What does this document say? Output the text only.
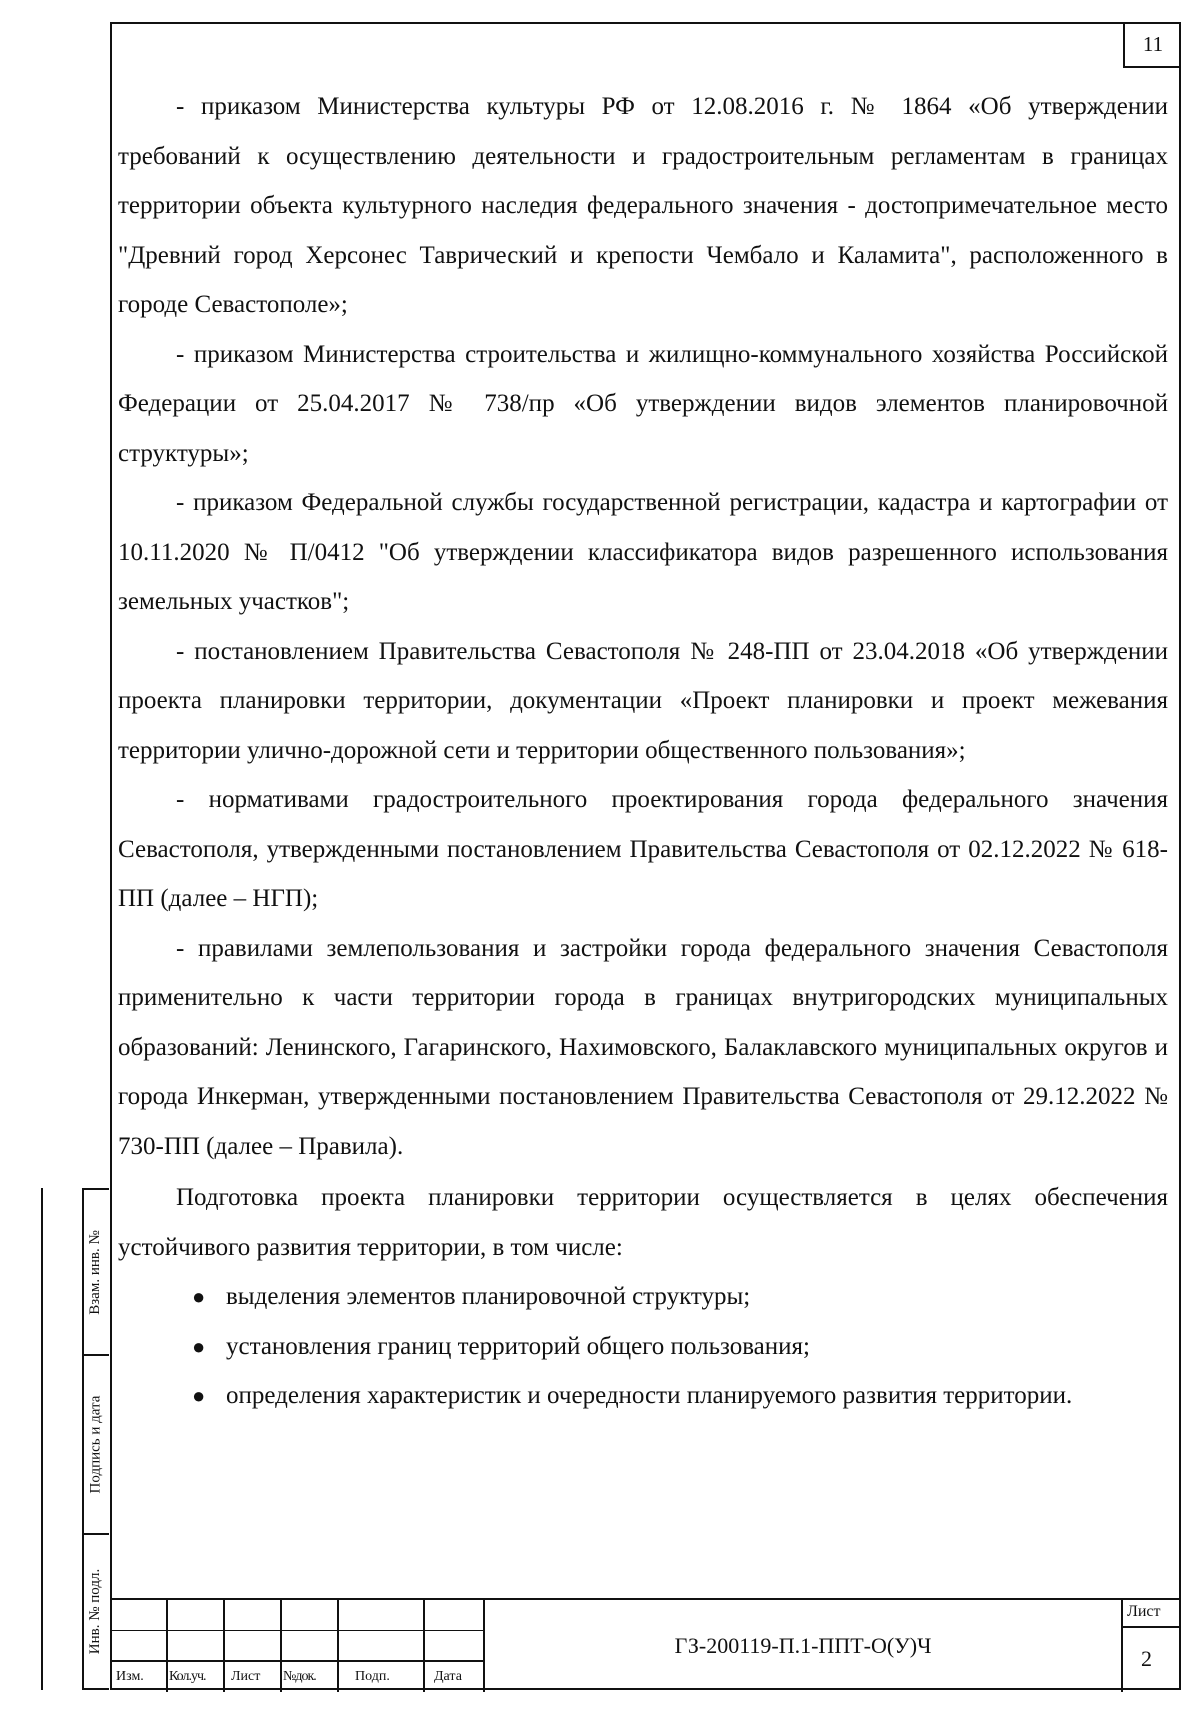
11
Взам. инв. №
Подпись и дата
Инв. № подл.

- приказом Министерства культуры РФ от 12.08.2016 г. № 1864 «Об утверждении требований к осуществлению деятельности и градостроительным регламентам в границах территории объекта культурного наследия федерального значения - достопримечательное место "Древний город Херсонес Таврический и крепости Чембало и Каламита", расположенного в городе Севастополе»;

- приказом Министерства строительства и жилищно-коммунального хозяйства Российской Федерации от 25.04.2017 № 738/пр «Об утверждении видов элементов планировочной структуры»;

- приказом Федеральной службы государственной регистрации, кадастра и картографии от 10.11.2020 № П/0412 "Об утверждении классификатора видов разрешенного использования земельных участков";

- постановлением Правительства Севастополя № 248-ПП от 23.04.2018 «Об утверждении проекта планировки территории, документации «Проект планировки и проект межевания территории улично-дорожной сети и территории общественного пользования»;

- нормативами градостроительного проектирования города федерального значения Севастополя, утвержденными постановлением Правительства Севастополя от 02.12.2022 № 618-ПП (далее – НГП);

- правилами землепользования и застройки города федерального значения Севастополя применительно к части территории города в границах внутригородских муниципальных образований: Ленинского, Гагаринского, Нахимовского, Балаклавского муниципальных округов и города Инкерман, утвержденными постановлением Правительства Севастополя от 29.12.2022 № 730-ПП (далее – Правила).

Подготовка проекта планировки территории осуществляется в целях обеспечения устойчивого развития территории, в том числе:

● выделения элементов планировочной структуры;
● установления границ территорий общего пользования;
● определения характеристик и очередности планируемого развития территории.
Изм. Кол.уч. Лист №док.	Подп.	Дата
ГЗ-200119-П.1-ППТ-О(У)Ч
Лист
2
